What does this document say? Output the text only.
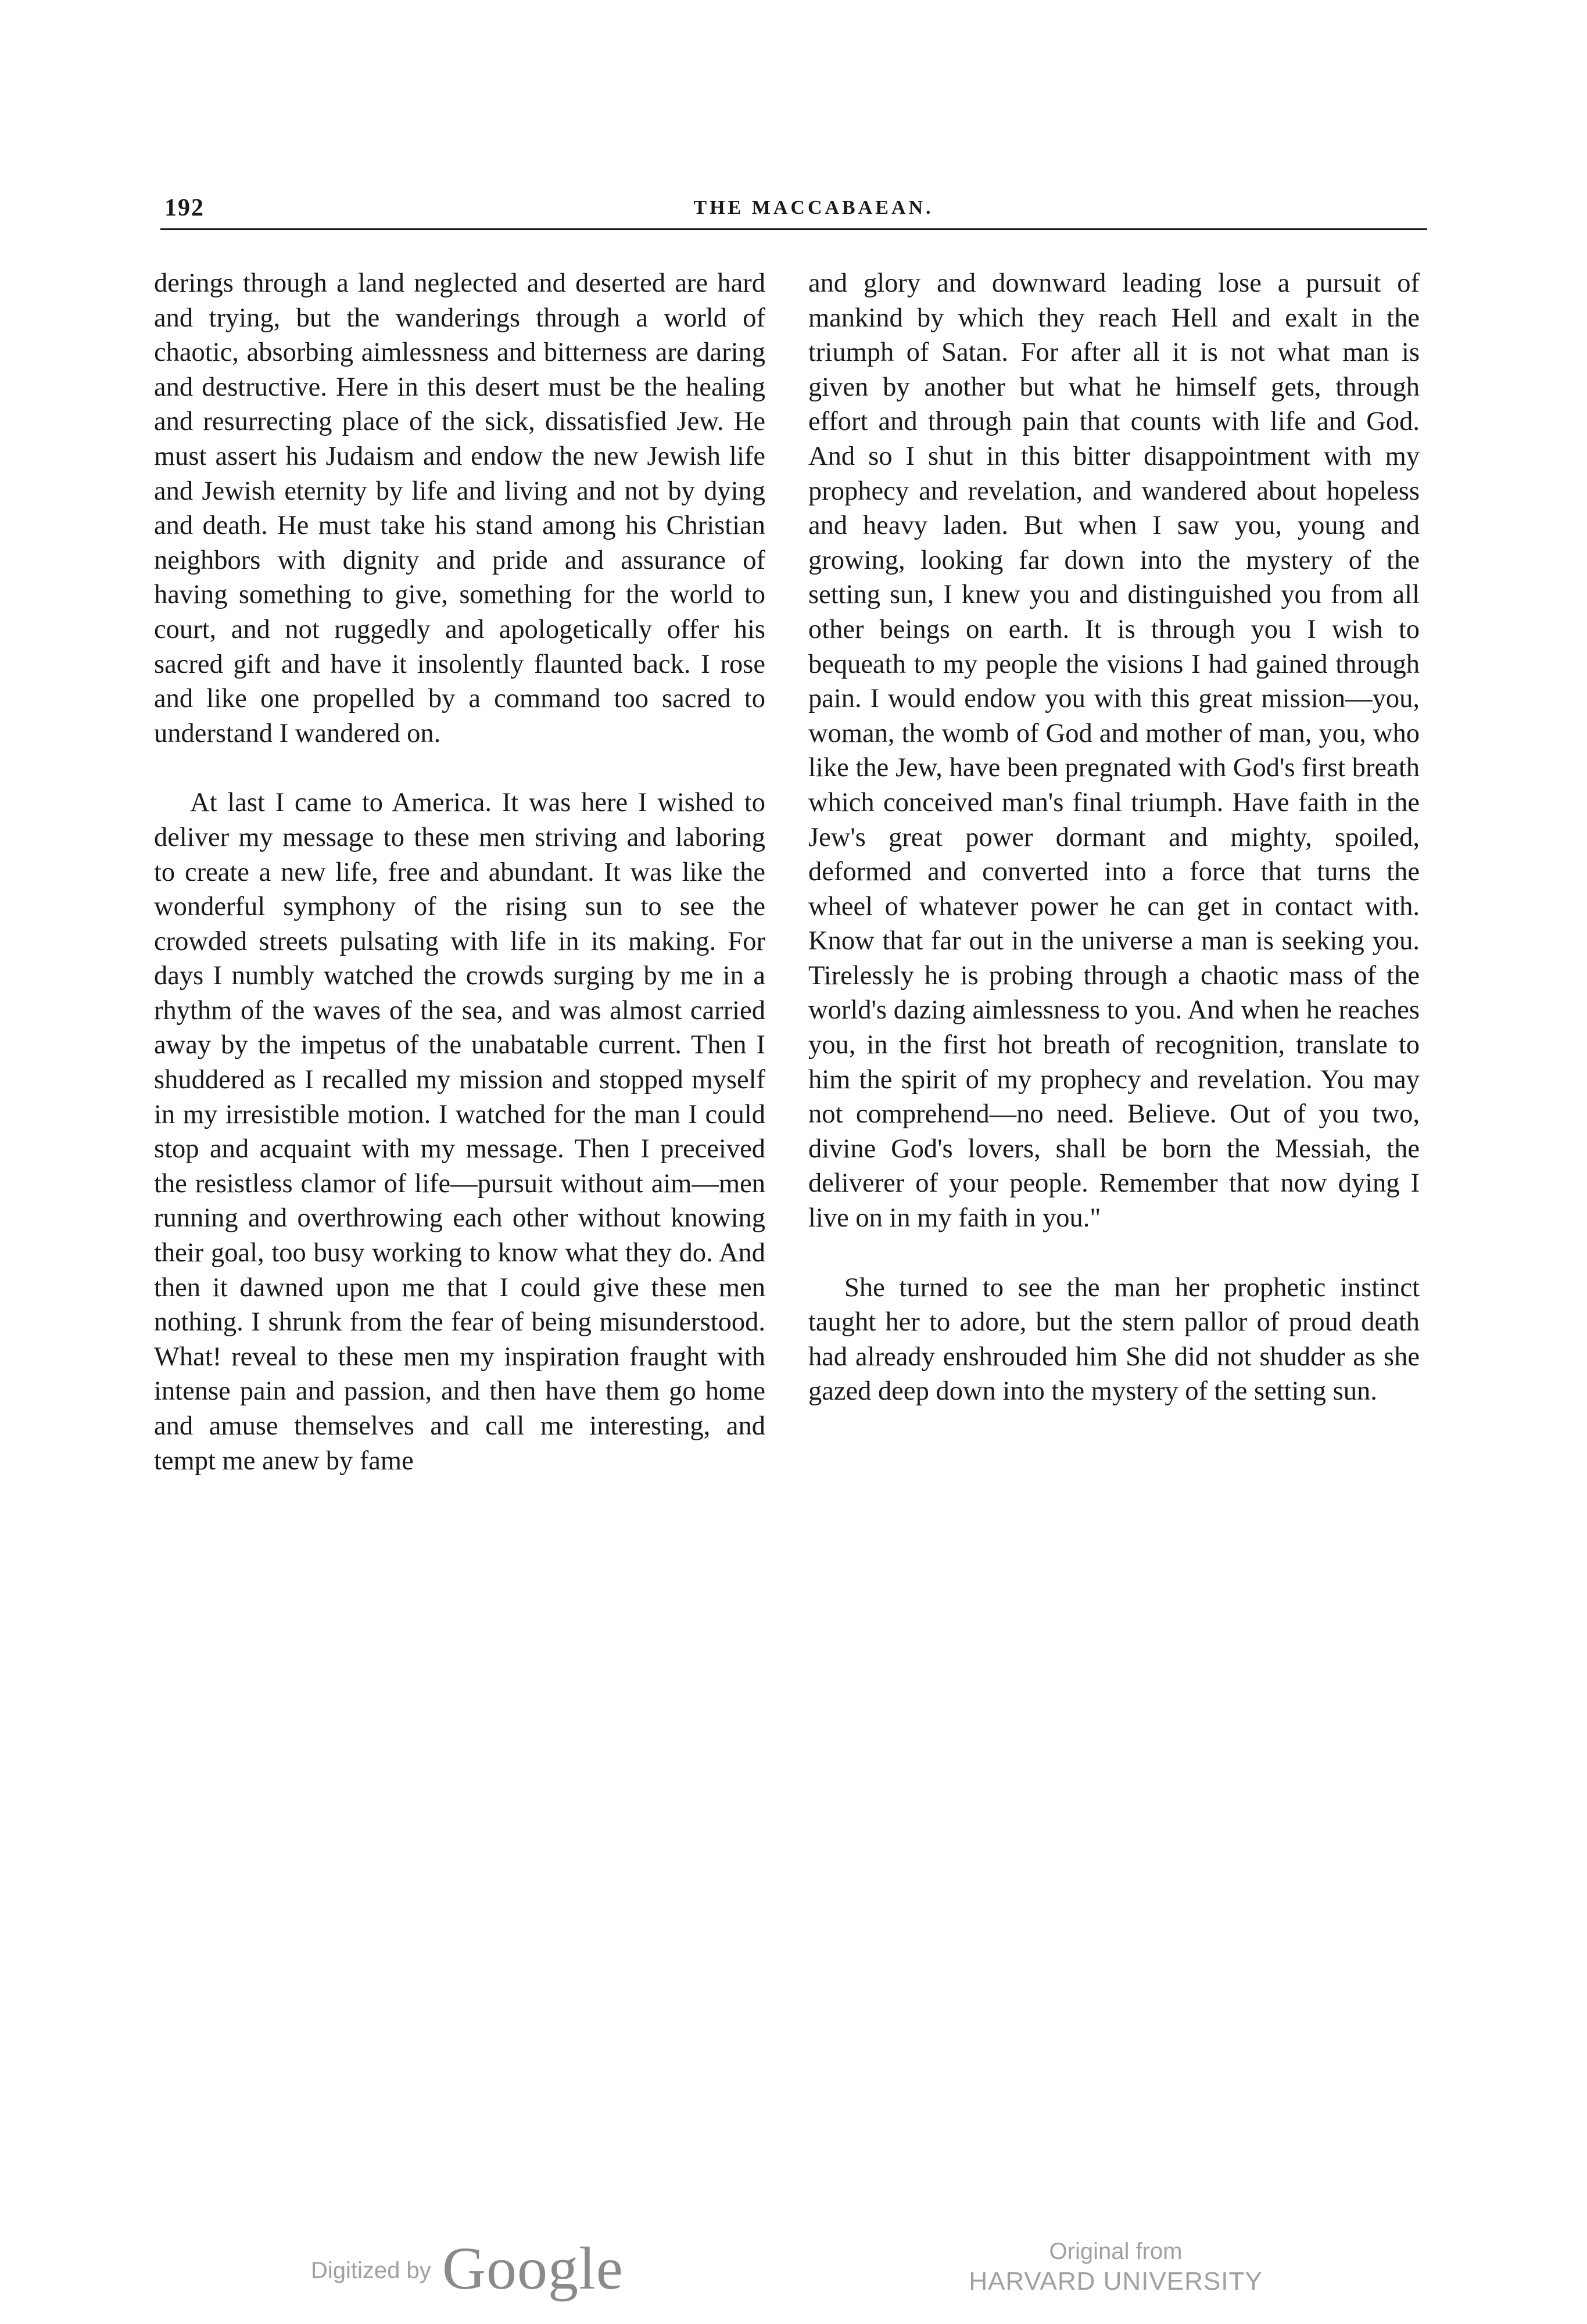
192	THE MACCABAEAN.

derings through a land neglected and deserted are hard and trying, but the wanderings through a world of chaotic, absorbing aimlessness and bitterness are daring and destructive. Here in this desert must be the healing and resurrecting place of the sick, dissatisfied Jew. He must assert his Judaism and endow the new Jewish life and Jewish eternity by life and living and not by dying and death. He must take his stand among his Christian neighbors with dignity and pride and assurance of having something to give, something for the world to court, and not ruggedly and apologetically offer his sacred gift and have it insolently flaunted back. I rose and like one propelled by a command too sacred to understand I wandered on.

At last I came to America. It was here I wished to deliver my message to these men striving and laboring to create a new life, free and abundant. It was like the wonderful symphony of the rising sun to see the crowded streets pulsating with life in its making. For days I numbly watched the crowds surging by me in a rhythm of the waves of the sea, and was almost carried away by the impetus of the unabatable current. Then I shuddered as I recalled my mission and stopped myself in my irresistible motion. I watched for the man I could stop and acquaint with my message. Then I preceived the resistless clamor of life—pursuit without aim—men running and overthrowing each other without knowing their goal, too busy working to know what they do. And then it dawned upon me that I could give these men nothing. I shrunk from the fear of being misunderstood. What! reveal to these men my inspiration fraught with intense pain and passion, and then have them go home and amuse themselves and call me interesting, and tempt me anew by fame

and glory and downward leading lose a pursuit of mankind by which they reach Hell and exalt in the triumph of Satan. For after all it is not what man is given by another but what he himself gets, through effort and through pain that counts with life and God. And so I shut in this bitter disappointment with my prophecy and revelation, and wandered about hopeless and heavy laden. But when I saw you, young and growing, looking far down into the mystery of the setting sun, I knew you and distinguished you from all other beings on earth. It is through you I wish to bequeath to my people the visions I had gained through pain. I would endow you with this great mission—you, woman, the womb of God and mother of man, you, who like the Jew, have been pregnated with God's first breath which conceived man's final triumph. Have faith in the Jew's great power dormant and mighty, spoiled, deformed and converted into a force that turns the wheel of whatever power he can get in contact with. Know that far out in the universe a man is seeking you. Tirelessly he is probing through a chaotic mass of the world's dazing aimlessness to you. And when he reaches you, in the first hot breath of recognition, translate to him the spirit of my prophecy and revelation. You may not comprehend—no need. Believe. Out of you two, divine God's lovers, shall be born the Messiah, the deliverer of your people. Remember that now dying I live on in my faith in you."

She turned to see the man her prophetic instinct taught her to adore, but the stern pallor of proud death had already enshrouded him She did not shudder as she gazed deep down into the mystery of the setting sun.

Digitized by Google	Original from
HARVARD UNIVERSITY
